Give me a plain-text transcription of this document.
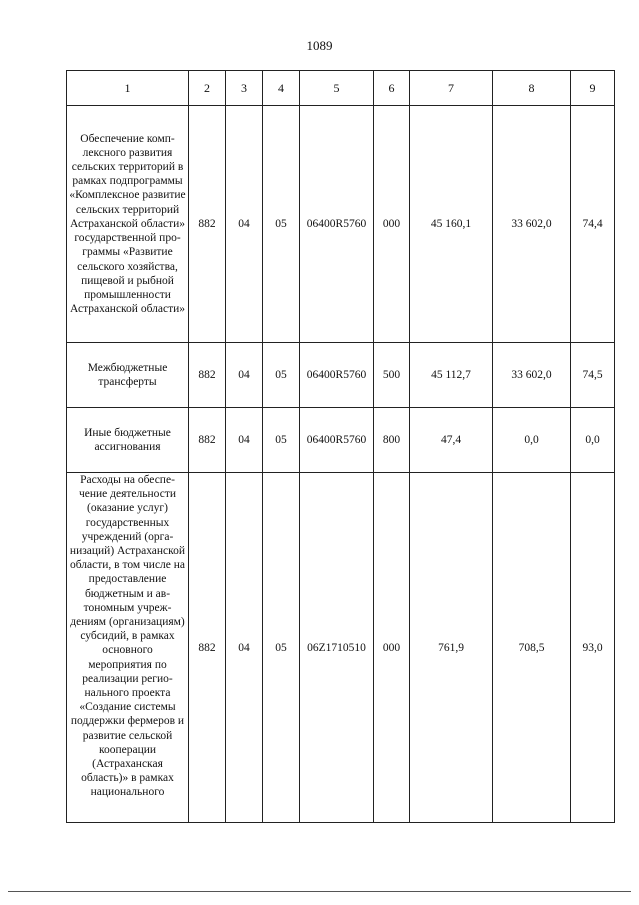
1089
1	2	3	4	5	6	7	8	9
Обеспечение комплексного развития сельских территорий в рамках подпрограммы «Комплексное развитие сельских территорий Астраханской области» государственной программы «Развитие сельского хозяйства, пищевой и рыбной промышленности Астраханской области»	882	04	05	06400R5760	000	45 160,1	33 602,0	74,4
Межбюджетные трансферты	882	04	05	06400R5760	500	45 112,7	33 602,0	74,5
Иные бюджетные ассигнования	882	04	05	06400R5760	800	47,4	0,0	0,0
Расходы на обеспечение деятельности (оказание услуг) государственных учреждений (организаций) Астраханской области, в том числе на предоставление бюджетным и автономным учреждениям (организациям) субсидий, в рамках основного мероприятия по реализации регионального проекта «Создание системы поддержки фермеров и развитие сельской кооперации (Астраханская область)» в рамках национального	882	04	05	06Z1710510	000	761,9	708,5	93,0
